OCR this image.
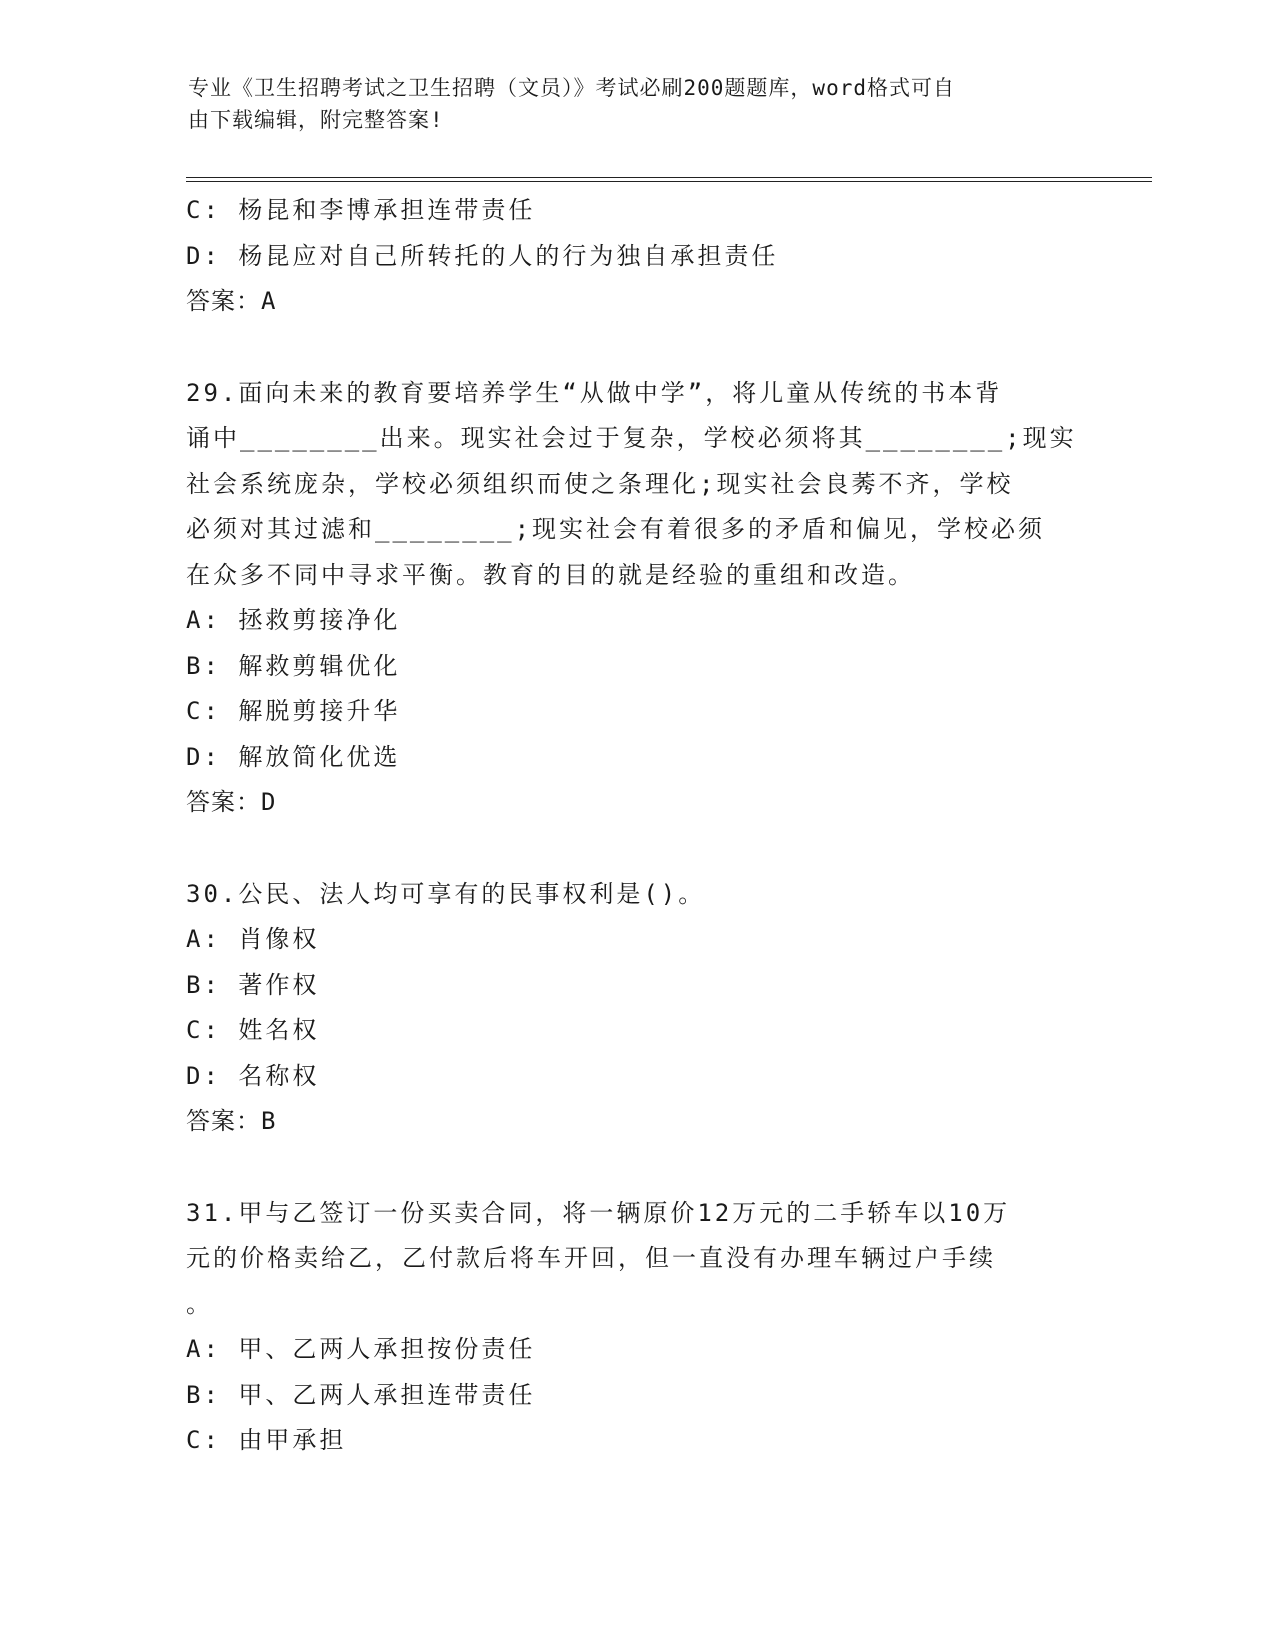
专业《卫生招聘考试之卫生招聘（文员）》考试必刷200题题库，word格式可自
由下载编辑，附完整答案!
C: 杨昆和李博承担连带责任
D: 杨昆应对自己所转托的人的行为独自承担责任
答案：A
29.面向未来的教育要培养学生“从做中学”，将儿童从传统的书本背
诵中________出来。现实社会过于复杂，学校必须将其________;现实
社会系统庞杂，学校必须组织而使之条理化;现实社会良莠不齐，学校
必须对其过滤和________;现实社会有着很多的矛盾和偏见，学校必须
在众多不同中寻求平衡。教育的目的就是经验的重组和改造。
A: 拯救剪接净化
B: 解救剪辑优化
C: 解脱剪接升华
D: 解放简化优选
答案：D
30.公民、法人均可享有的民事权利是()。
A: 肖像权
B: 著作权
C: 姓名权
D: 名称权
答案：B
31.甲与乙签订一份买卖合同，将一辆原价12万元的二手轿车以10万
元的价格卖给乙，乙付款后将车开回，但一直没有办理车辆过户手续
。
A: 甲、乙两人承担按份责任
B: 甲、乙两人承担连带责任
C: 由甲承担
